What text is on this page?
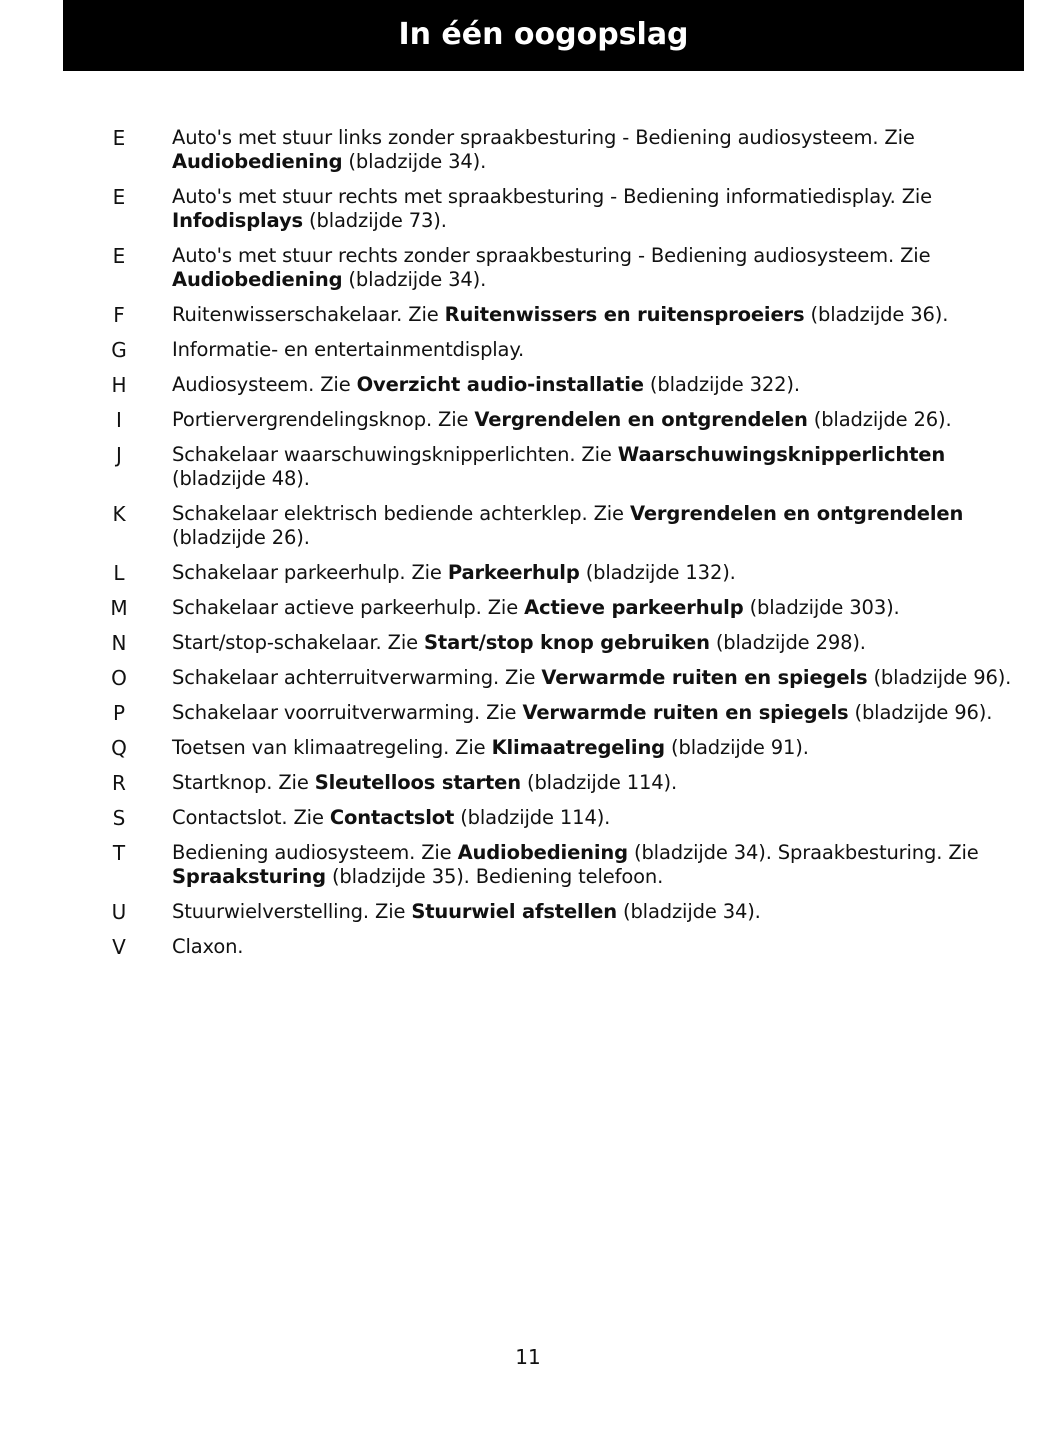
In één oogopslag
E Auto's met stuur links zonder spraakbesturing - Bediening audiosysteem. Zie Audiobediening (bladzijde 34).
E Auto's met stuur rechts met spraakbesturing - Bediening informatiedisplay. Zie Infodisplays (bladzijde 73).
E Auto's met stuur rechts zonder spraakbesturing - Bediening audiosysteem. Zie Audiobediening (bladzijde 34).
F Ruitenwisserschakelaar. Zie Ruitenwissers en ruitensproeiers (bladzijde 36).
G Informatie- en entertainmentdisplay.
H Audiosysteem. Zie Overzicht audio-installatie (bladzijde 322).
I	Portiervergrendelingsknop. Zie Vergrendelen en ontgrendelen (bladzijde 26).
J	Schakelaar waarschuwingsknipperlichten. Zie Waarschuwingsknipperlichten (bladzijde 48).
K Schakelaar elektrisch bediende achterklep. Zie Vergrendelen en ontgrendelen (bladzijde 26).
L Schakelaar parkeerhulp. Zie Parkeerhulp (bladzijde 132).
M Schakelaar actieve parkeerhulp. Zie Actieve parkeerhulp (bladzijde 303).
N Start/stop-schakelaar. Zie Start/stop knop gebruiken (bladzijde 298).
O Schakelaar achterruitverwarming. Zie Verwarmde ruiten en spiegels (bladzijde 96).
P Schakelaar voorruitverwarming. Zie Verwarmde ruiten en spiegels (bladzijde 96).
Q Toetsen van klimaatregeling. Zie Klimaatregeling (bladzijde 91).
R Startknop. Zie Sleutelloos starten (bladzijde 114).
S Contactslot. Zie Contactslot (bladzijde 114).
T Bediening audiosysteem. Zie Audiobediening (bladzijde 34). Spraakbesturing. Zie Spraaksturing (bladzijde 35). Bediening telefoon.
U Stuurwielverstelling. Zie Stuurwiel afstellen (bladzijde 34).
V Claxon.
11
